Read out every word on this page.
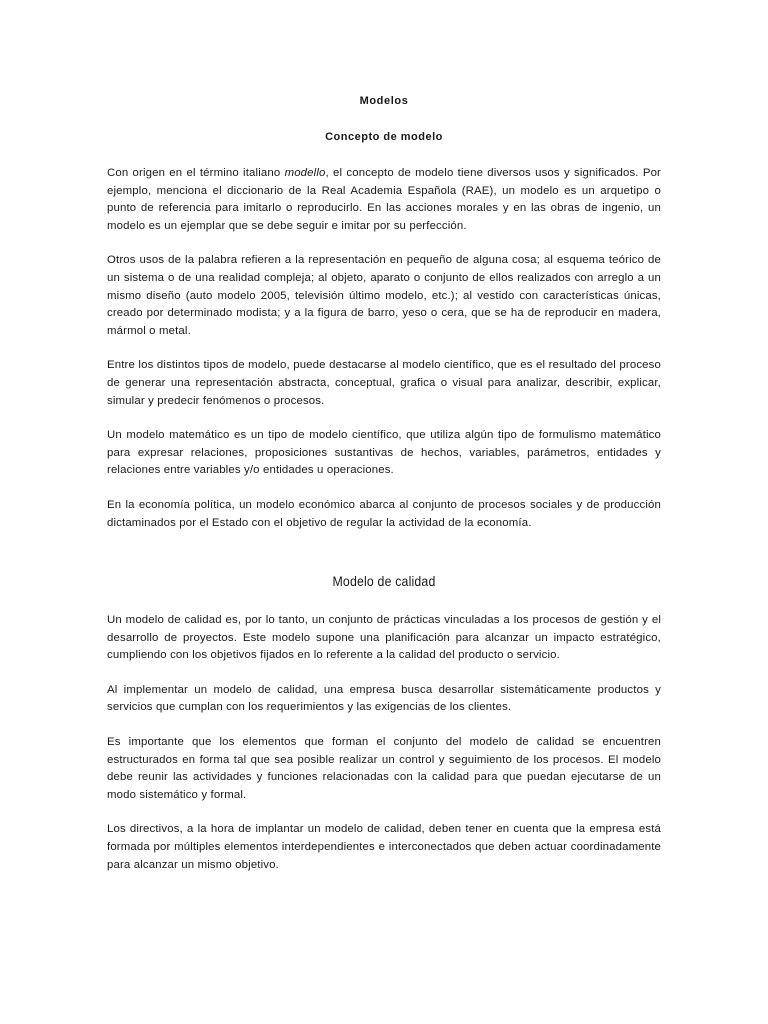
Modelos
Concepto de modelo

Con origen en el término italiano modello, el concepto de modelo tiene diversos usos y significados. Por ejemplo, menciona el diccionario de la Real Academia Española (RAE), un modelo es un arquetipo o punto de referencia para imitarlo o reproducirlo. En las acciones morales y en las obras de ingenio, un modelo es un ejemplar que se debe seguir e imitar por su perfección.

Otros usos de la palabra refieren a la representación en pequeño de alguna cosa; al esquema teórico de un sistema o de una realidad compleja; al objeto, aparato o conjunto de ellos realizados con arreglo a un mismo diseño (auto modelo 2005, televisión último modelo, etc.); al vestido con características únicas, creado por determinado modista; y a la figura de barro, yeso o cera, que se ha de reproducir en madera, mármol o metal.

Entre los distintos tipos de modelo, puede destacarse al modelo científico, que es el resultado del proceso de generar una representación abstracta, conceptual, grafica o visual para analizar, describir, explicar, simular y predecir fenómenos o procesos.

Un modelo matemático es un tipo de modelo científico, que utiliza algún tipo de formulismo matemático para expresar relaciones, proposiciones sustantivas de hechos, variables, parámetros, entidades y relaciones entre variables y/o entidades u operaciones.

En la economía política, un modelo económico abarca al conjunto de procesos sociales y de producción dictaminados por el Estado con el objetivo de regular la actividad de la economía.

Modelo de calidad

Un modelo de calidad es, por lo tanto, un conjunto de prácticas vinculadas a los procesos de gestión y el desarrollo de proyectos. Este modelo supone una planificación para alcanzar un impacto estratégico, cumpliendo con los objetivos fijados en lo referente a la calidad del producto o servicio.

Al implementar un modelo de calidad, una empresa busca desarrollar sistemáticamente productos y servicios que cumplan con los requerimientos y las exigencias de los clientes.

Es importante que los elementos que forman el conjunto del modelo de calidad se encuentren estructurados en forma tal que sea posible realizar un control y seguimiento de los procesos. El modelo debe reunir las actividades y funciones relacionadas con la calidad para que puedan ejecutarse de un modo sistemático y formal.

Los directivos, a la hora de implantar un modelo de calidad, deben tener en cuenta que la empresa está formada por múltiples elementos interdependientes e interconectados que deben actuar coordinadamente para alcanzar un mismo objetivo.
